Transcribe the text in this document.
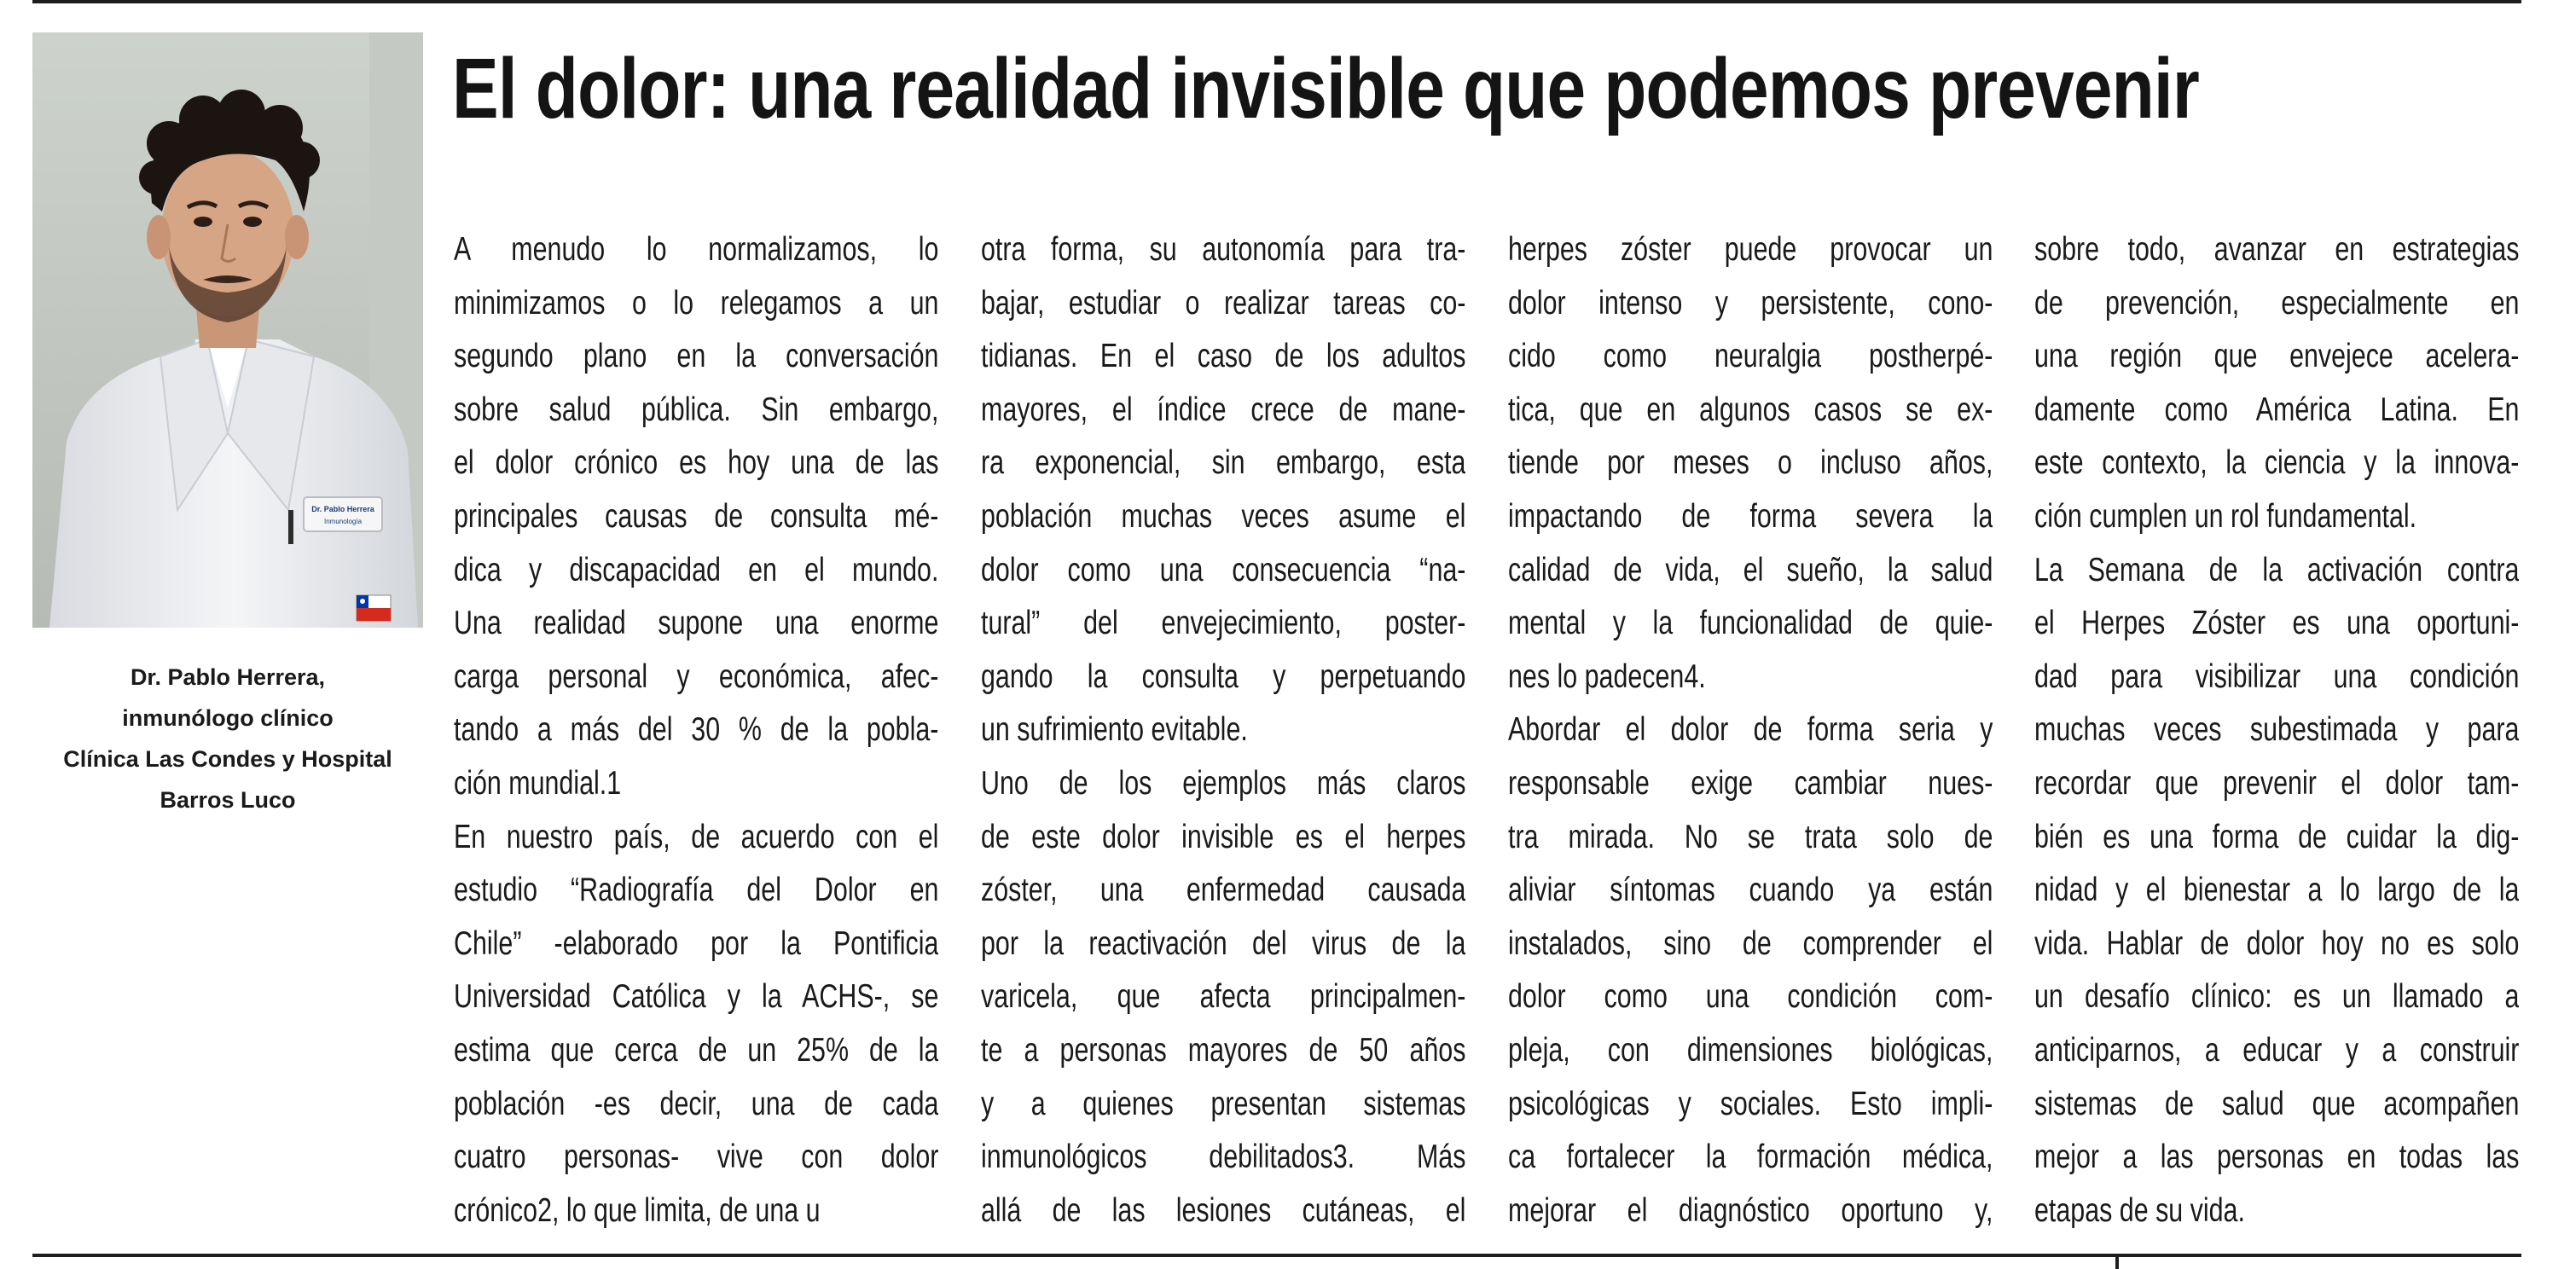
Dr. Pablo Herrera
Inmunología
Dr. Pablo Herrera,
inmunólogo clínico
Clínica Las Condes y Hospital
Barros Luco
El dolor: una realidad invisible que podemos prevenir
A menudo lo normalizamos, lo
minimizamos o lo relegamos a un
segundo plano en la conversación
sobre salud pública. Sin embargo,
el dolor crónico es hoy una de las
principales causas de consulta mé-
dica y discapacidad en el mundo.
Una realidad supone una enorme
carga personal y económica, afec-
tando a más del 30 % de la pobla-
ción mundial.1
En nuestro país, de acuerdo con el
estudio “Radiografía del Dolor en
Chile” -elaborado por la Pontificia
Universidad Católica y la ACHS-, se
estima que cerca de un 25% de la
población -es decir, una de cada
cuatro personas- vive con dolor
crónico2, lo que limita, de una u
otra forma, su autonomía para tra-
bajar, estudiar o realizar tareas co-
tidianas. En el caso de los adultos
mayores, el índice crece de mane-
ra exponencial, sin embargo, esta
población muchas veces asume el
dolor como una consecuencia “na-
tural” del envejecimiento, poster-
gando la consulta y perpetuando
un sufrimiento evitable.
Uno de los ejemplos más claros
de este dolor invisible es el herpes
zóster, una enfermedad causada
por la reactivación del virus de la
varicela, que afecta principalmen-
te a personas mayores de 50 años
y a quienes presentan sistemas
inmunológicos debilitados3. Más
allá de las lesiones cutáneas, el
herpes zóster puede provocar un
dolor intenso y persistente, cono-
cido como neuralgia postherpé-
tica, que en algunos casos se ex-
tiende por meses o incluso años,
impactando de forma severa la
calidad de vida, el sueño, la salud
mental y la funcionalidad de quie-
nes lo padecen4.
Abordar el dolor de forma seria y
responsable exige cambiar nues-
tra mirada. No se trata solo de
aliviar síntomas cuando ya están
instalados, sino de comprender el
dolor como una condición com-
pleja, con dimensiones biológicas,
psicológicas y sociales. Esto impli-
ca fortalecer la formación médica,
mejorar el diagnóstico oportuno y,
sobre todo, avanzar en estrategias
de prevención, especialmente en
una región que envejece acelera-
damente como América Latina. En
este contexto, la ciencia y la innova-
ción cumplen un rol fundamental.
La Semana de la activación contra
el Herpes Zóster es una oportuni-
dad para visibilizar una condición
muchas veces subestimada y para
recordar que prevenir el dolor tam-
bién es una forma de cuidar la dig-
nidad y el bienestar a lo largo de la
vida. Hablar de dolor hoy no es solo
un desafío clínico: es un llamado a
anticiparnos, a educar y a construir
sistemas de salud que acompañen
mejor a las personas en todas las
etapas de su vida.
